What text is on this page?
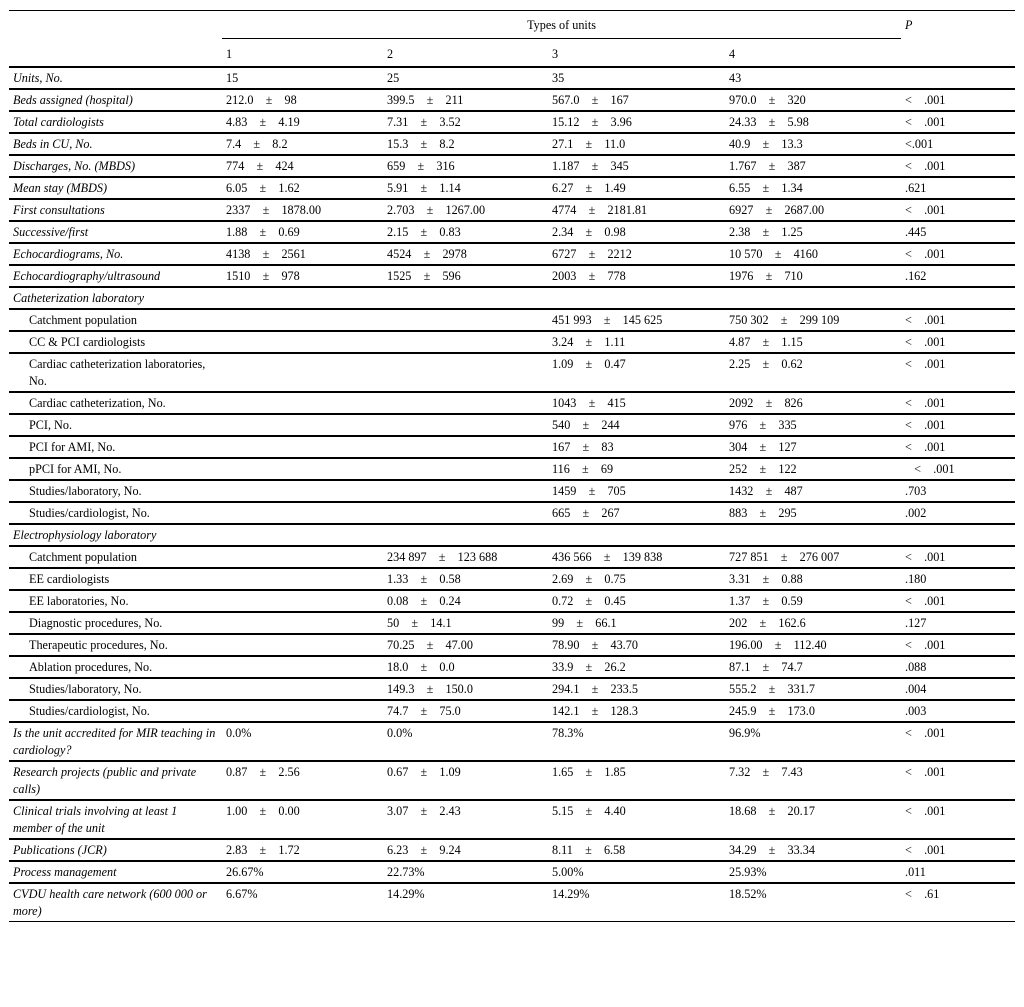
	Types of units				P
	1	2	3	4	
Units, No.	15	25	35	43	
Beds assigned (hospital)	212.0    ±    98	399.5    ±    211	567.0    ±    167	970.0    ±    320	<    .001
Total cardiologists	4.83    ±    4.19	7.31    ±    3.52	15.12    ±    3.96	24.33    ±    5.98	<    .001
Beds in CU, No.	7.4    ±    8.2	15.3    ±    8.2	27.1    ±    11.0	40.9    ±    13.3	<.001
Discharges, No. (MBDS)	774    ±    424	659    ±    316	1.187    ±    345	1.767    ±    387	<    .001
Mean stay (MBDS)	6.05    ±    1.62	5.91    ±    1.14	6.27    ±    1.49	6.55    ±    1.34	.621
First consultations	2337    ±    1878.00	2.703    ±    1267.00	4774    ±    2181.81	6927    ±    2687.00	<    .001
Successive/first	1.88    ±    0.69	2.15    ±    0.83	2.34    ±    0.98	2.38    ±    1.25	.445
Echocardiograms, No.	4138    ±    2561	4524    ±    2978	6727    ±    2212	10 570    ±    4160	<    .001
Echocardiography/ultrasound	1510    ±    978	1525    ±    596	2003    ±    778	1976    ±    710	.162
Catheterization laboratory					
Catchment population			451 993    ±    145 625	750 302    ±    299 109	<    .001
CC & PCI cardiologists			3.24    ±    1.11	4.87    ±    1.15	<    .001
Cardiac catheterization laboratories, No.			1.09    ±    0.47	2.25    ±    0.62	<    .001
Cardiac catheterization, No.			1043    ±    415	2092    ±    826	<    .001
PCI, No.			540    ±    244	976    ±    335	<    .001
PCI for AMI, No.			167    ±    83	304    ±    127	<    .001
pPCI for AMI, No.			116    ±    69	252    ±    122	<    .001
Studies/laboratory, No.			1459    ±    705	1432    ±    487	.703
Studies/cardiologist, No.			665    ±    267	883    ±    295	.002
Electrophysiology laboratory					
Catchment population		234 897    ±    123 688	436 566    ±    139 838	727 851    ±    276 007	<    .001
EE cardiologists		1.33    ±    0.58	2.69    ±    0.75	3.31    ±    0.88	.180
EE laboratories, No.		0.08    ±    0.24	0.72    ±    0.45	1.37    ±    0.59	<    .001
Diagnostic procedures, No.		50    ±    14.1	99    ±    66.1	202    ±    162.6	.127
Therapeutic procedures, No.		70.25    ±    47.00	78.90    ±    43.70	196.00    ±    112.40	<    .001
Ablation procedures, No.		18.0    ±    0.0	33.9    ±    26.2	87.1    ±    74.7	.088
Studies/laboratory, No.		149.3    ±    150.0	294.1    ±    233.5	555.2    ±    331.7	.004
Studies/cardiologist, No.		74.7    ±    75.0	142.1    ±    128.3	245.9    ±    173.0	.003
Is the unit accredited for MIR teaching in cardiology?	0.0%	0.0%	78.3%	96.9%	<    .001
Research projects (public and private calls)	0.87    ±    2.56	0.67    ±    1.09	1.65    ±    1.85	7.32    ±    7.43	<    .001
Clinical trials involving at least 1 member of the unit	1.00    ±    0.00	3.07    ±    2.43	5.15    ±    4.40	18.68    ±    20.17	<    .001
Publications (JCR)	2.83    ±    1.72	6.23    ±    9.24	8.11    ±    6.58	34.29    ±    33.34	<    .001
Process management	26.67%	22.73%	5.00%	25.93%	.011
CVDU health care network (600 000 or more)	6.67%	14.29%	14.29%	18.52%	<    .61
